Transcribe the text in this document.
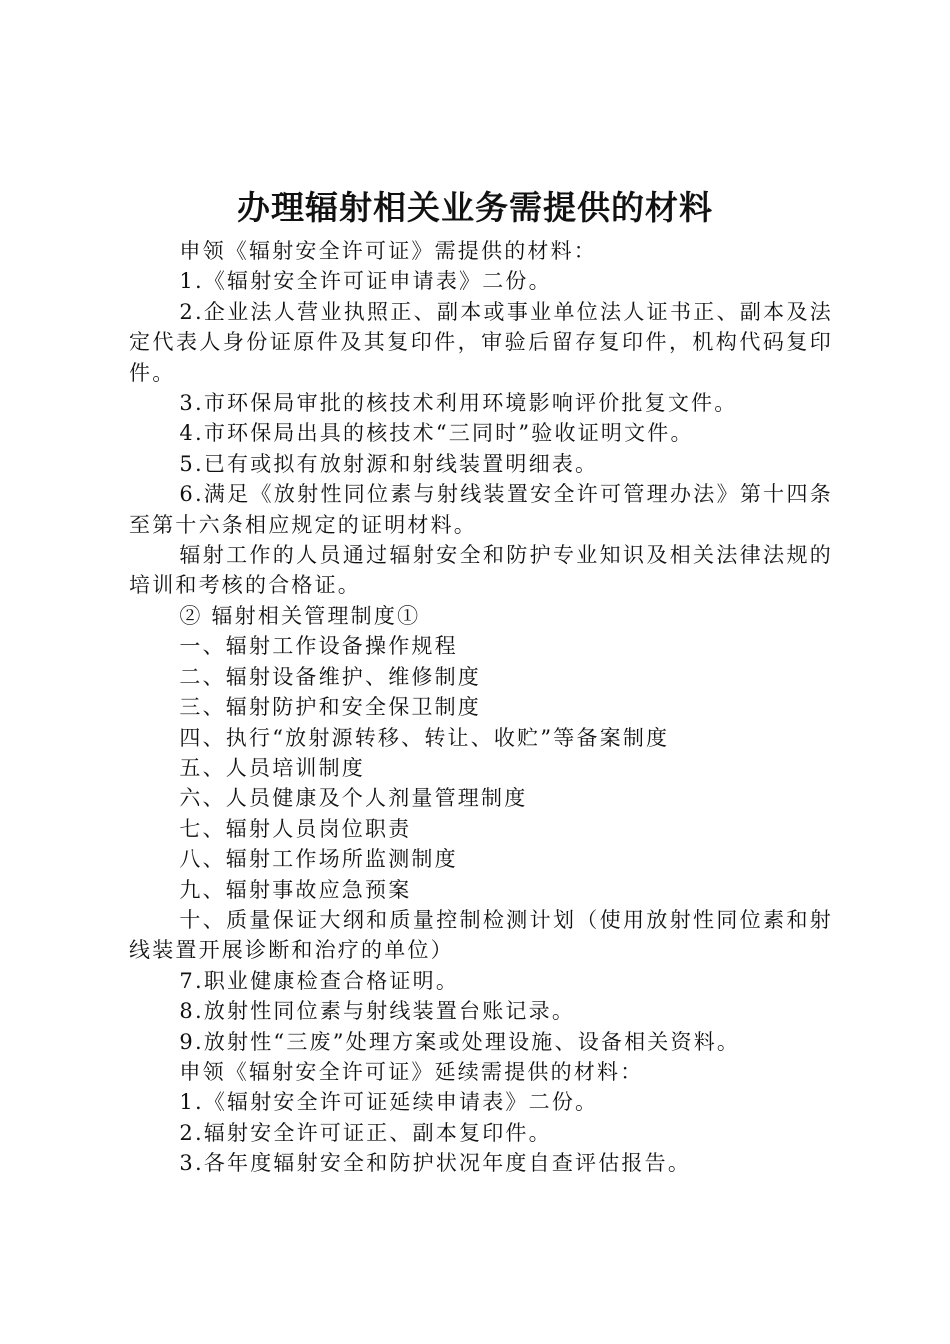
办理辐射相关业务需提供的材料

申领《辐射安全许可证》需提供的材料：

1.《辐射安全许可证申请表》二份。

2.企业法人营业执照正、副本或事业单位法人证书正、副本及法定代表人身份证原件及其复印件，审验后留存复印件，机构代码复印件。

3.市环保局审批的核技术利用环境影响评价批复文件。

4.市环保局出具的核技术“三同时”验收证明文件。

5.已有或拟有放射源和射线装置明细表。

6.满足《放射性同位素与射线装置安全许可管理办法》第十四条至第十六条相应规定的证明材料。

辐射工作的人员通过辐射安全和防护专业知识及相关法律法规的培训和考核的合格证。

② 辐射相关管理制度①

一、辐射工作设备操作规程

二、辐射设备维护、维修制度

三、辐射防护和安全保卫制度

四、执行“放射源转移、转让、收贮”等备案制度

五、人员培训制度

六、人员健康及个人剂量管理制度

七、辐射人员岗位职责

八、辐射工作场所监测制度

九、辐射事故应急预案

十、质量保证大纲和质量控制检测计划（使用放射性同位素和射线装置开展诊断和治疗的单位）

7.职业健康检查合格证明。

8.放射性同位素与射线装置台账记录。

9.放射性“三废”处理方案或处理设施、设备相关资料。

申领《辐射安全许可证》延续需提供的材料：

1.《辐射安全许可证延续申请表》二份。

2.辐射安全许可证正、副本复印件。

3.各年度辐射安全和防护状况年度自查评估报告。
